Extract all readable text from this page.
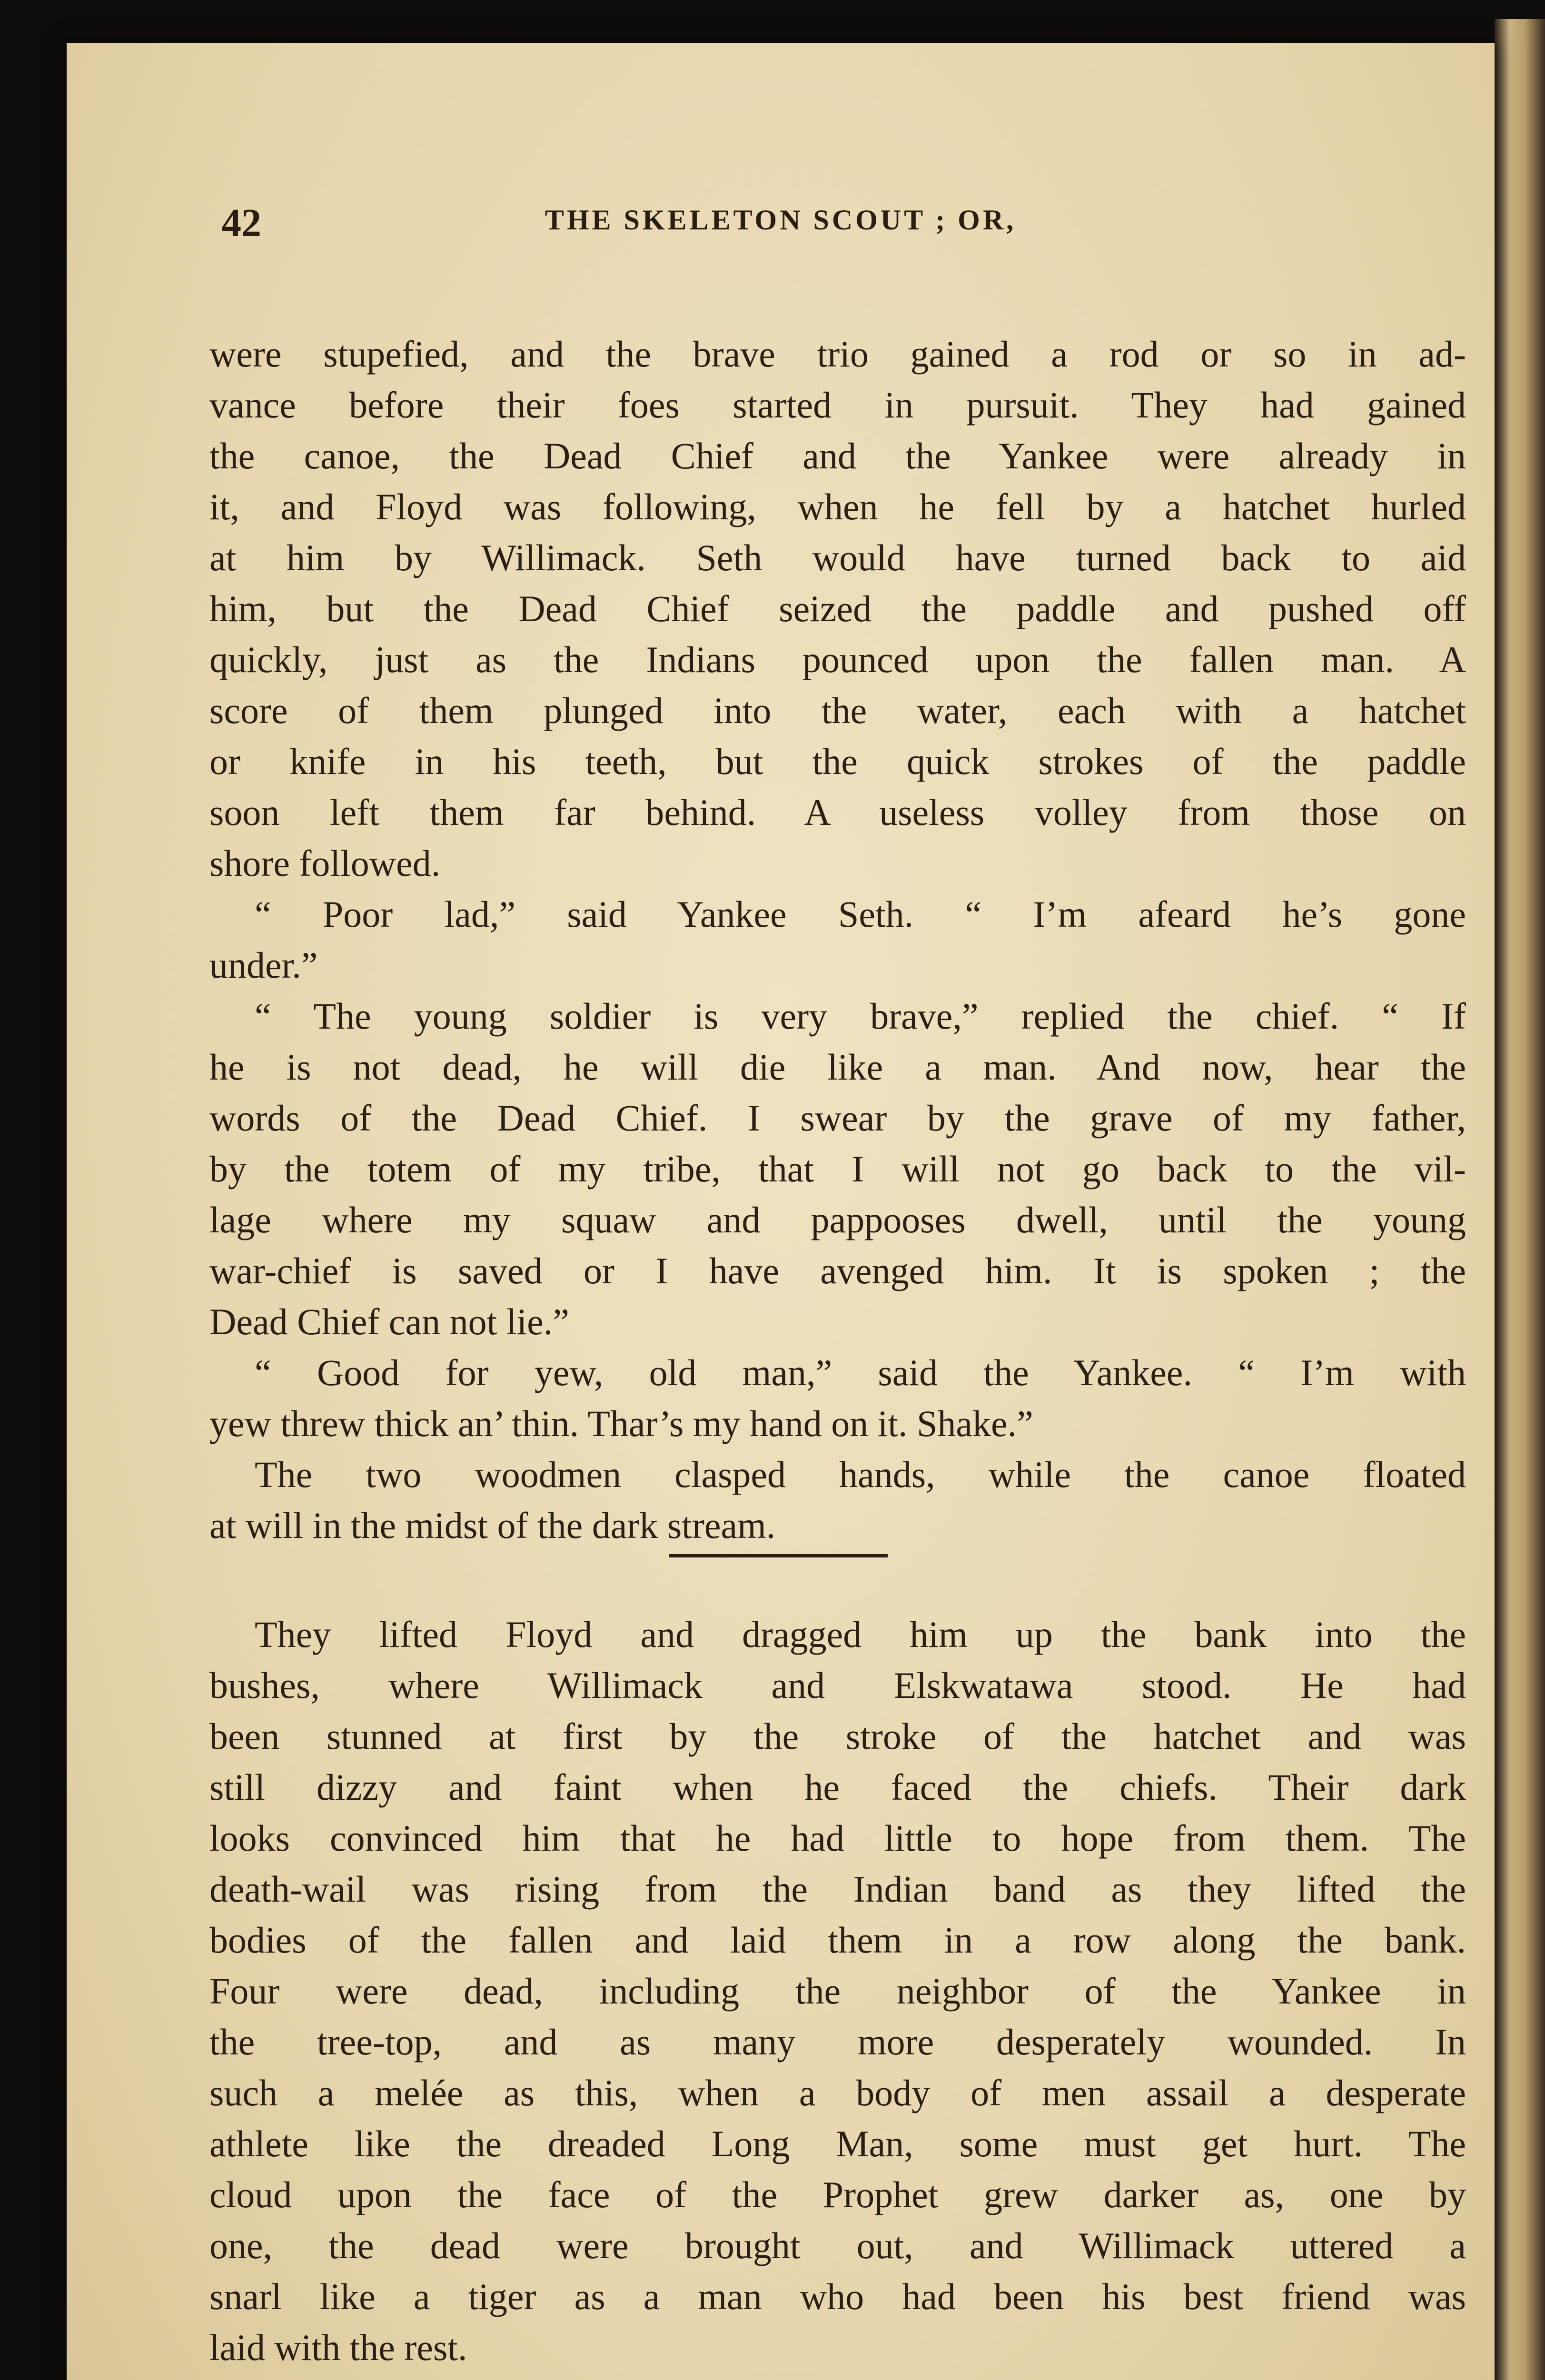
42	THE SKELETON SCOUT ; OR,
were stupefied, and the brave trio gained a rod or so in ad-
vance before their foes started in pursuit. They had gained
the canoe, the Dead Chief and the Yankee were already in
it, and Floyd was following, when he fell by a hatchet hurled
at him by Willimack. Seth would have turned back to aid
him, but the Dead Chief seized the paddle and pushed off
quickly, just as the Indians pounced upon the fallen man. A
score of them plunged into the water, each with a hatchet
or knife in his teeth, but the quick strokes of the paddle
soon left them far behind. A useless volley from those on
shore followed.
“ Poor lad,” said Yankee Seth. “ I’m afeard he’s gone
under.”
“ The young soldier is very brave,” replied the chief. “ If
he is not dead, he will die like a man. And now, hear the
words of the Dead Chief. I swear by the grave of my father,
by the totem of my tribe, that I will not go back to the vil-
lage where my squaw and pappooses dwell, until the young
war-chief is saved or I have avenged him. It is spoken ; the
Dead Chief can not lie.”
“ Good for yew, old man,” said the Yankee. “ I’m with
yew threw thick an’ thin. Thar’s my hand on it. Shake.”
The two woodmen clasped hands, while the canoe floated
at will in the midst of the dark stream.
They lifted Floyd and dragged him up the bank into the
bushes, where Willimack and Elskwatawa stood. He had
been stunned at first by the stroke of the hatchet and was
still dizzy and faint when he faced the chiefs. Their dark
looks convinced him that he had little to hope from them. The
death-wail was rising from the Indian band as they lifted the
bodies of the fallen and laid them in a row along the bank.
Four were dead, including the neighbor of the Yankee in
the tree-top, and as many more desperately wounded. In
such a melée as this, when a body of men assail a desperate
athlete like the dreaded Long Man, some must get hurt. The
cloud upon the face of the Prophet grew darker as, one by
one, the dead were brought out, and Willimack uttered a
snarl like a tiger as a man who had been his best friend was
laid with the rest.
